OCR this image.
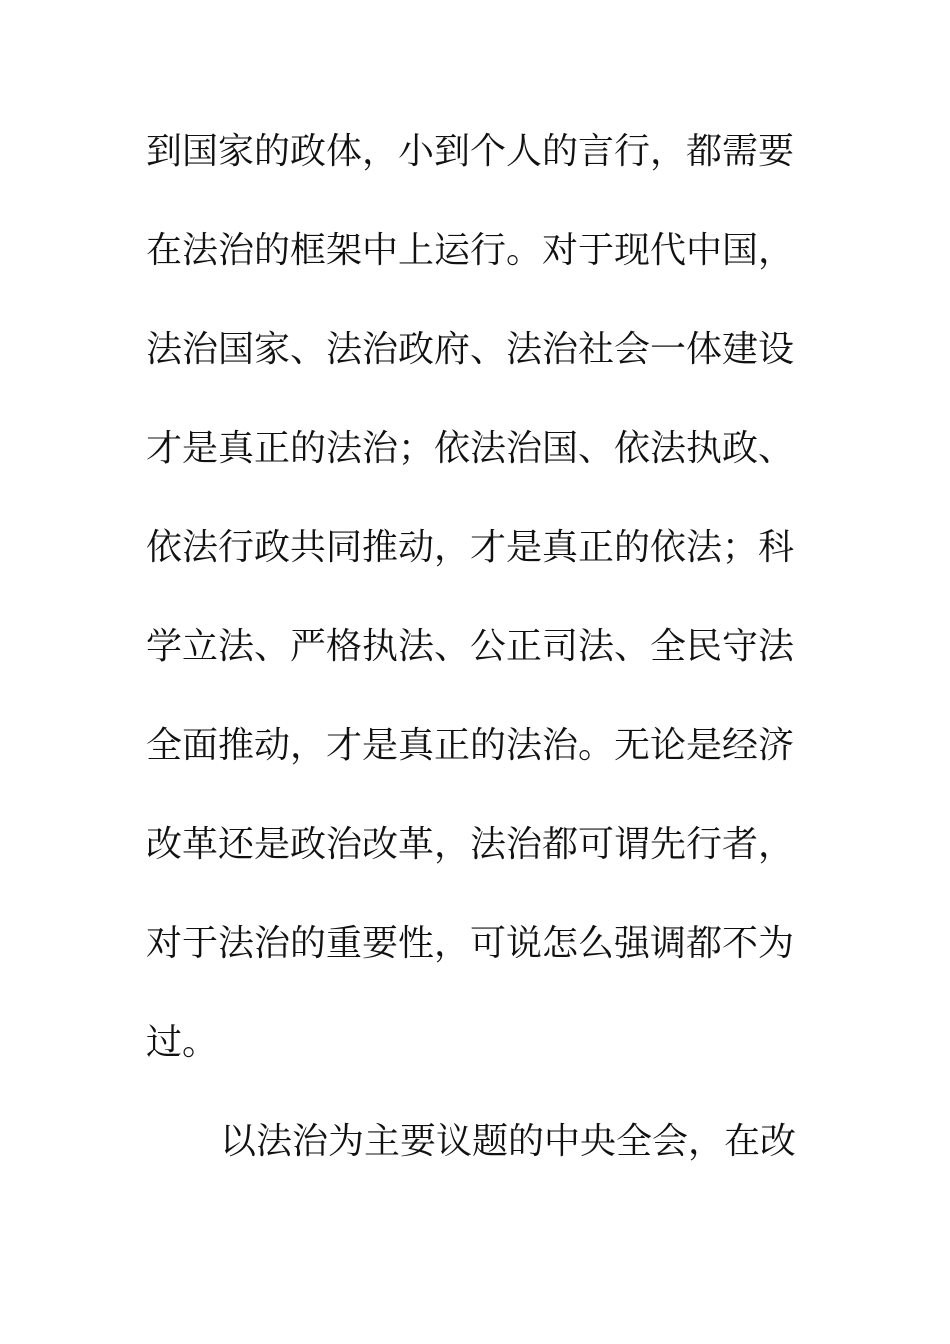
到国家的政体，小到个人的言行，都需要
在法治的框架中上运行。对于现代中国，
法治国家、法治政府、法治社会一体建设
才是真正的法治；依法治国、依法执政、
依法行政共同推动，才是真正的依法；科
学立法、严格执法、公正司法、全民守法
全面推动，才是真正的法治。无论是经济
改革还是政治改革，法治都可谓先行者，
对于法治的重要性，可说怎么强调都不为
过。
以法治为主要议题的中央全会，在改
